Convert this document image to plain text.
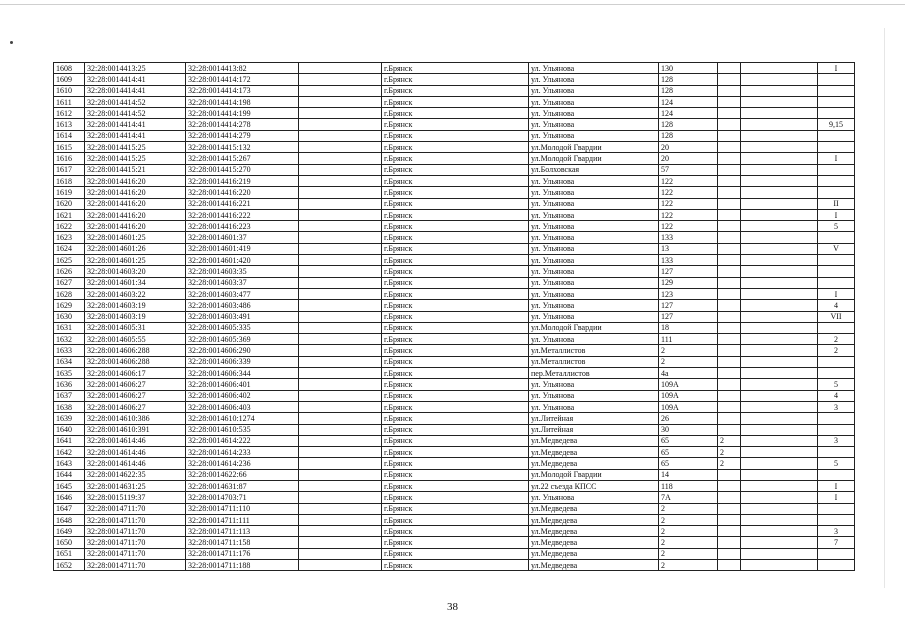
1608	32:28:0014413:25	32:28:0014413:82		г.Брянск	ул. Ульянова	130			I
1609	32:28:0014414:41	32:28:0014414:172		г.Брянск	ул. Ульянова	128			
1610	32:28:0014414:41	32:28:0014414:173		г.Брянск	ул. Ульянова	128			
1611	32:28:0014414:52	32:28:0014414:198		г.Брянск	ул. Ульянова	124			
1612	32:28:0014414:52	32:28:0014414:199		г.Брянск	ул. Ульянова	124			
1613	32:28:0014414:41	32:28:0014414:278		г.Брянск	ул. Ульянова	128			9,15
1614	32:28:0014414:41	32:28:0014414:279		г.Брянск	ул. Ульянова	128			
1615	32:28:0014415:25	32:28:0014415:132		г.Брянск	ул.Молодой Гвардии	20			
1616	32:28:0014415:25	32:28:0014415:267		г.Брянск	ул.Молодой Гвардии	20			I
1617	32:28:0014415:21	32:28:0014415:270		г.Брянск	ул.Болховская	57			
1618	32:28:0014416:20	32:28:0014416:219		г.Брянск	ул. Ульянова	122			
1619	32:28:0014416:20	32:28:0014416:220		г.Брянск	ул. Ульянова	122			
1620	32:28:0014416:20	32:28:0014416:221		г.Брянск	ул. Ульянова	122			II
1621	32:28:0014416:20	32:28:0014416:222		г.Брянск	ул. Ульянова	122			I
1622	32:28:0014416:20	32:28:0014416:223		г.Брянск	ул. Ульянова	122			5
1623	32:28:0014601:25	32:28:0014601:37		г.Брянск	ул. Ульянова	133			
1624	32:28:0014601:26	32:28:0014601:419		г.Брянск	ул. Ульянова	13			V
1625	32:28:0014601:25	32:28:0014601:420		г.Брянск	ул. Ульянова	133			
1626	32:28:0014603:20	32:28:0014603:35		г.Брянск	ул. Ульянова	127			
1627	32:28:0014601:34	32:28:0014603:37		г.Брянск	ул. Ульянова	129			
1628	32:28:0014603:22	32:28:0014603:477		г.Брянск	ул. Ульянова	123			I
1629	32:28:0014603:19	32:28:0014603:486		г.Брянск	ул. Ульянова	127			4
1630	32:28:0014603:19	32:28:0014603:491		г.Брянск	ул. Ульянова	127			VII
1631	32:28:0014605:31	32:28:0014605:335		г.Брянск	ул.Молодой Гвардии	18			
1632	32:28:0014605:55	32:28:0014605:369		г.Брянск	ул. Ульянова	111			2
1633	32:28:0014606:288	32:28:0014606:290		г.Брянск	ул.Металлистов	2			2
1634	32:28:0014606:288	32:28:0014606:339		г.Брянск	ул.Металлистов	2			
1635	32:28:0014606:17	32:28:0014606:344		г.Брянск	пер.Металлистов	4а			
1636	32:28:0014606:27	32:28:0014606:401		г.Брянск	ул. Ульянова	109А			5
1637	32:28:0014606:27	32:28:0014606:402		г.Брянск	ул. Ульянова	109А			4
1638	32:28:0014606:27	32:28:0014606:403		г.Брянск	ул. Ульянова	109А			3
1639	32:28:0014610:386	32:28:0014610:1274		г.Брянск	ул.Литейная	26			
1640	32:28:0014610:391	32:28:0014610:535		г.Брянск	ул.Литейная	30			
1641	32:28:0014614:46	32:28:0014614:222		г.Брянск	ул.Медведева	65	2		3
1642	32:28:0014614:46	32:28:0014614:233		г.Брянск	ул.Медведева	65	2		
1643	32:28:0014614:46	32:28:0014614:236		г.Брянск	ул.Медведева	65	2		5
1644	32:28:0014622:35	32:28:0014622:66		г.Брянск	ул.Молодой Гвардии	14			
1645	32:28:0014631:25	32:28:0014631:87		г.Брянск	ул.22 съезда КПСС	118			I
1646	32:28:0015119:37	32:28:0014703:71		г.Брянск	ул. Ульянова	7А			I
1647	32:28:0014711:70	32:28:0014711:110		г.Брянск	ул.Медведева	2			
1648	32:28:0014711:70	32:28:0014711:111		г.Брянск	ул.Медведева	2			
1649	32:28:0014711:70	32:28:0014711:113		г.Брянск	ул.Медведева	2			3
1650	32:28:0014711:70	32:28:0014711:158		г.Брянск	ул.Медведева	2			7
1651	32:28:0014711:70	32:28:0014711:176		г.Брянск	ул.Медведева	2			
1652	32:28:0014711:70	32:28:0014711:188		г.Брянск	ул.Медведева	2			
38
